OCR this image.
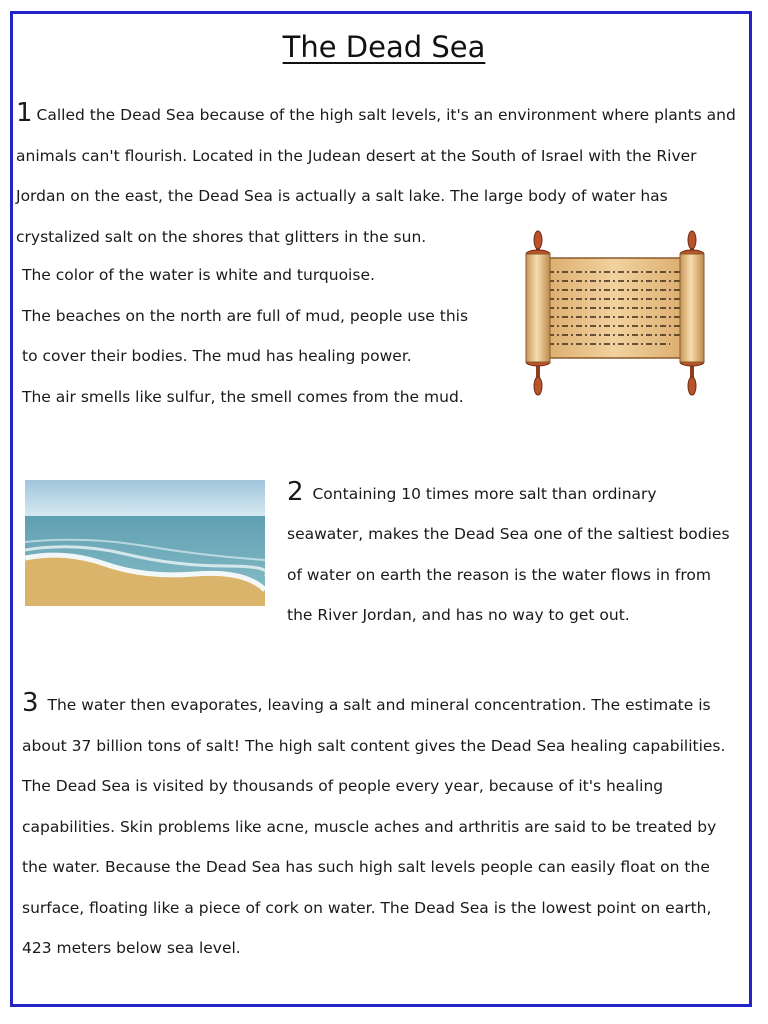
The Dead Sea
1 Called the Dead Sea because of the high salt levels, it's an environment where plants and
animals can't flourish. Located in the Judean desert at the South of Israel with the River
Jordan on the east, the Dead Sea is actually a salt lake. The large body of water has
crystalized salt on the shores that glitters in the sun.
The color of the water is white and turquoise.
The beaches on the north are full of mud, people use this
to cover their bodies. The mud has healing power.
The air smells like sulfur, the smell comes from the mud.
2 Containing 10 times more salt than ordinary
seawater, makes the Dead Sea one of the saltiest bodies
of water on earth the reason is the water flows in from
the River Jordan, and has no way to get out.
3 The water then evaporates, leaving a salt and mineral concentration. The estimate is
about 37 billion tons of salt! The high salt content gives the Dead Sea healing capabilities.
The Dead Sea is visited by thousands of people every year, because of it's healing
capabilities. Skin problems like acne, muscle aches and arthritis are said to be treated by
the water. Because the Dead Sea has such high salt levels people can easily float on the
surface, floating like a piece of cork on water. The Dead Sea is the lowest point on earth,
423 meters below sea level.
